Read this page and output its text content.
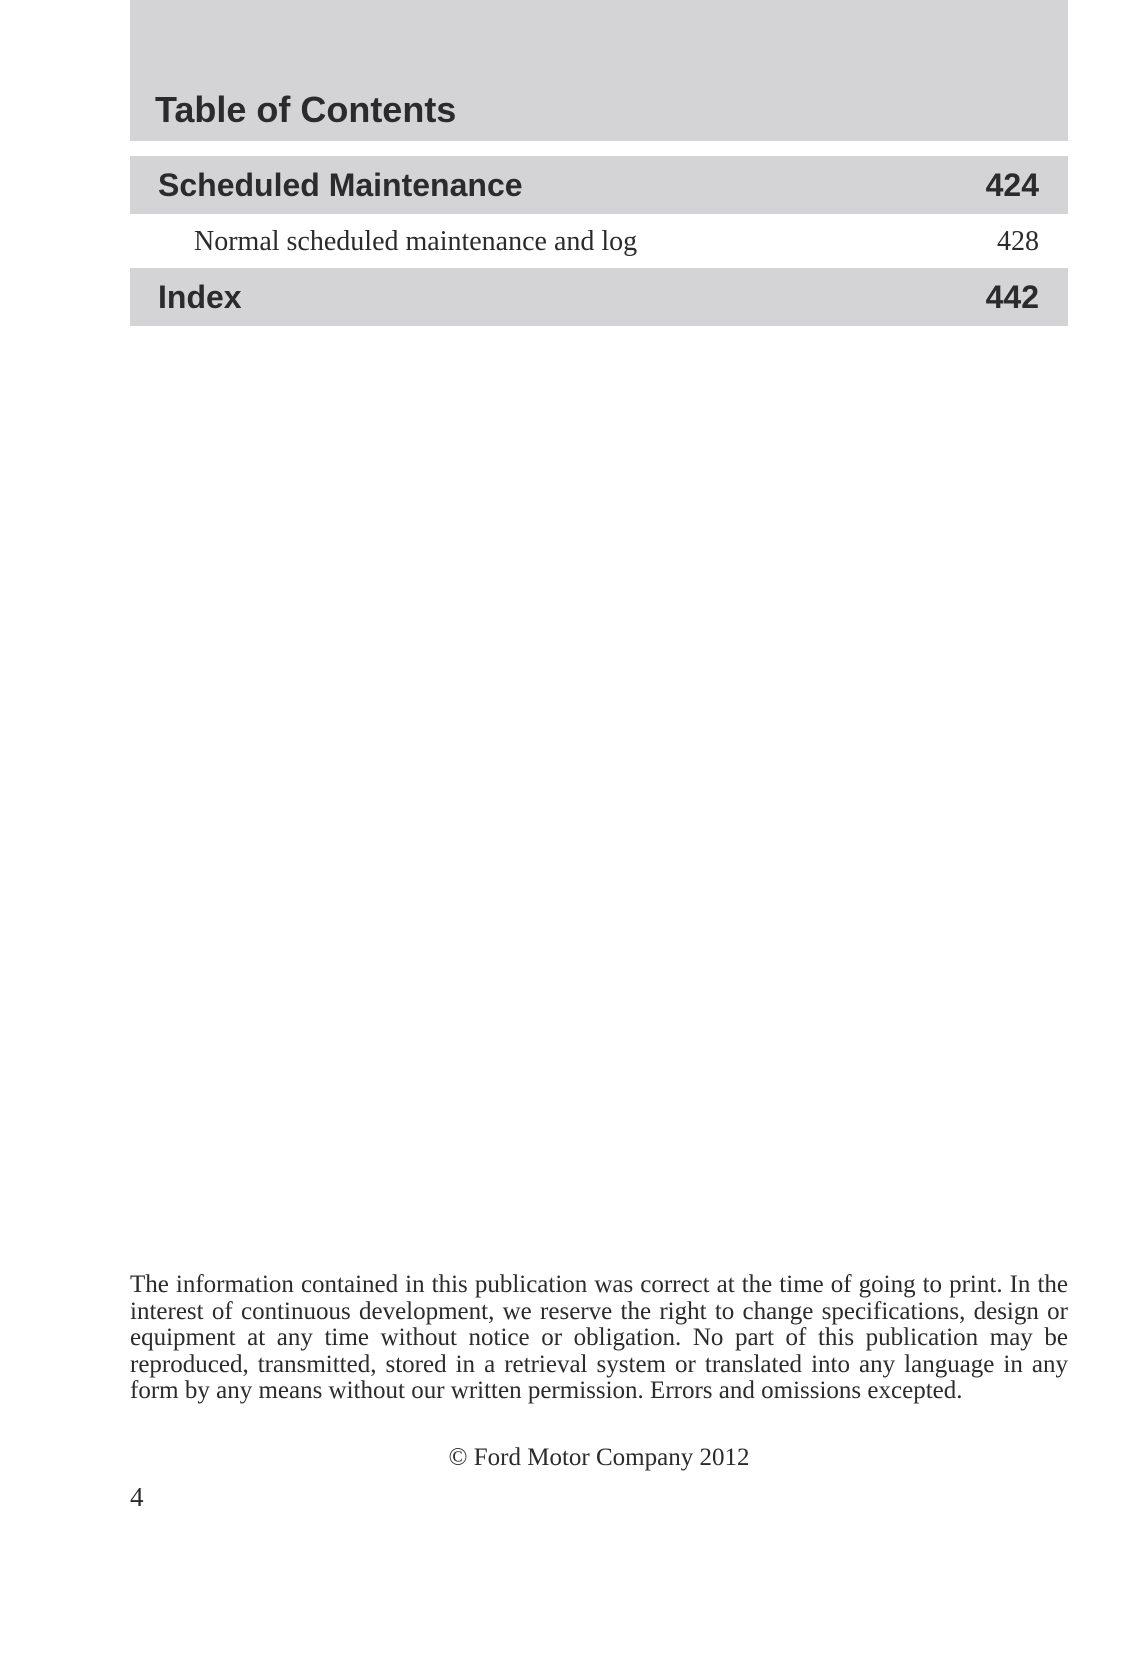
Table of Contents
Scheduled Maintenance	424
Normal scheduled maintenance and log	428
Index	442

The information contained in this publication was correct at the time of going to print. In the interest of continuous development, we reserve the right to change specifications, design or equipment at any time without notice or obligation. No part of this publication may be reproduced, transmitted, stored in a retrieval system or translated into any language in any form by any means without our written permission. Errors and omissions excepted.

© Ford Motor Company 2012
4
